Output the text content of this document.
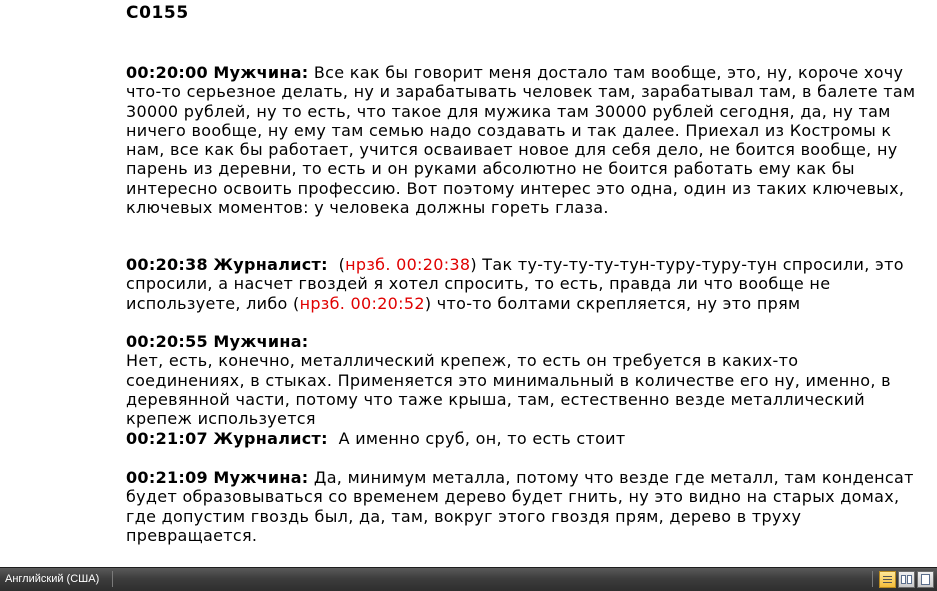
C0155
00:20:00 Мужчина: Все как бы говорит меня достало там вообще, это, ну, короче хочу что-то серьезное делать, ну и зарабатывать человек там, зарабатывал там, в балете там 30000 рублей, ну то есть, что такое для мужика там 30000 рублей сегодня, да, ну там ничего вообще, ну ему там семью надо создавать и так далее. Приехал из Костромы к нам, все как бы работает, учится осваивает новое для себя дело, не боится вообще, ну парень из деревни, то есть и он руками абсолютно не боится работать ему как бы интересно освоить профессию. Вот поэтому интерес это одна, один из таких ключевых, ключевых моментов: у человека должны гореть глаза.
00:20:38 Журналист: (нрзб. 00:20:38) Так ту-ту-ту-ту-тун-туру-туру-тун спросили, это спросили, а насчет гвоздей я хотел спросить, то есть, правда ли что вообще не используете, либо (нрзб. 00:20:52) что-то болтами скрепляется, ну это прям
00:20:55 Мужчина:
Нет, есть, конечно, металлический крепеж, то есть он требуется в каких-то соединениях, в стыках. Применяется это минимальный в количестве его ну, именно, в деревянной части, потому что таже крыша, там, естественно везде металлический крепеж используется
00:21:07 Журналист: А именно сруб, он, то есть стоит
00:21:09 Мужчина: Да, минимум металла, потому что везде где металл, там конденсат будет образовываться со временем дерево будет гнить, ну это видно на старых домах, где допустим гвоздь был, да, там, вокруг этого гвоздя прям, дерево в труху превращается.
Английский (США)
